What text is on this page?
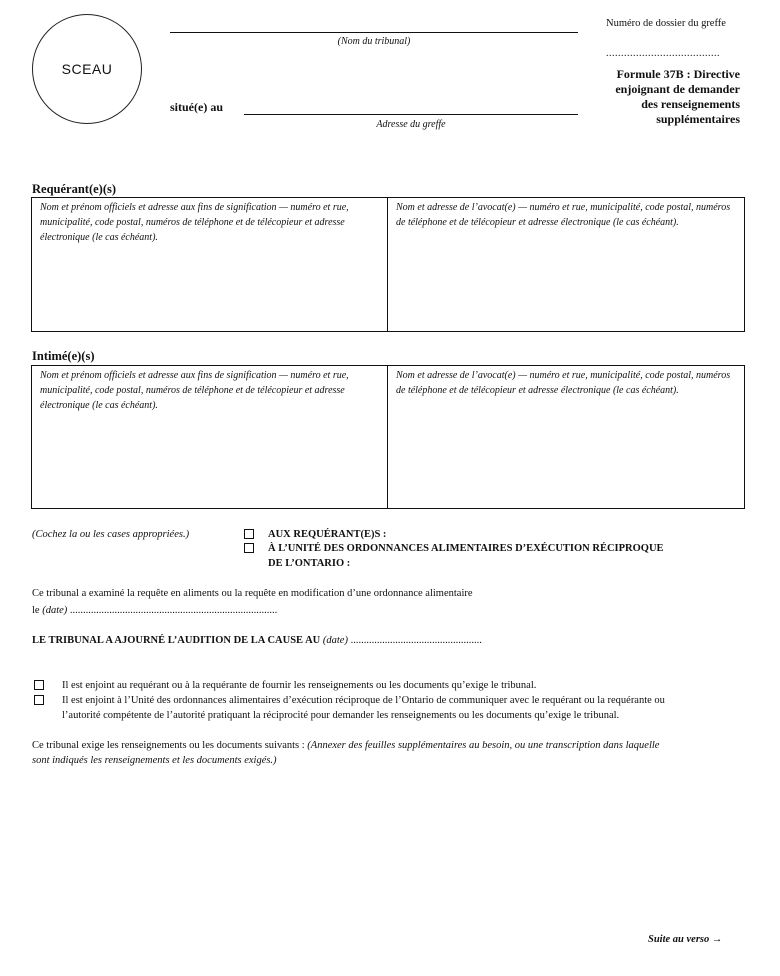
SCEAU
(Nom du tribunal)
situé(e) au
Adresse du greffe
Numéro de dossier du greffe
......................................
Formule 37B : Directive
enjoignant de demander
des renseignements
supplémentaires
Requérant(e)(s)
Nom et prénom officiels et adresse aux fins de signification — numéro et rue, municipalité, code postal, numéros de téléphone et de télécopieur et adresse électronique (le cas échéant).
Nom et adresse de l’avocat(e) — numéro et rue, municipalité, code postal, numéros de téléphone et de télécopieur et adresse électronique (le cas échéant).
Intimé(e)(s)
Nom et prénom officiels et adresse aux fins de signification — numéro et rue, municipalité, code postal, numéros de téléphone et de télécopieur et adresse électronique (le cas échéant).
Nom et adresse de l’avocat(e) — numéro et rue, municipalité, code postal, numéros de téléphone et de télécopieur et adresse électronique (le cas échéant).
(Cochez la ou les cases appropriées.)	AUX REQUÉRANT(E)S :
À L’UNITÉ DES ORDONNANCES ALIMENTAIRES D’EXÉCUTION RÉCIPROQUE
DE L’ONTARIO :
Ce tribunal a examiné la requête en aliments ou la requête en modification d’une ordonnance alimentaire
le (date) ...............................................................................
LE TRIBUNAL A AJOURNÉ L’AUDITION DE LA CAUSE AU (date) ..................................................
Il est enjoint au requérant ou à la requérante de fournir les renseignements ou les documents qu’exige le tribunal.
Il est enjoint à l’Unité des ordonnances alimentaires d’exécution réciproque de l’Ontario de communiquer avec le requérant ou la requérante ou
l’autorité compétente de l’autorité pratiquant la réciprocité pour demander les renseignements ou les documents qu’exige le tribunal.
Ce tribunal exige les renseignements ou les documents suivants : (Annexer des feuilles supplémentaires au besoin, ou une transcription dans laquelle
sont indiqués les renseignements et les documents exigés.)
Suite au verso →
